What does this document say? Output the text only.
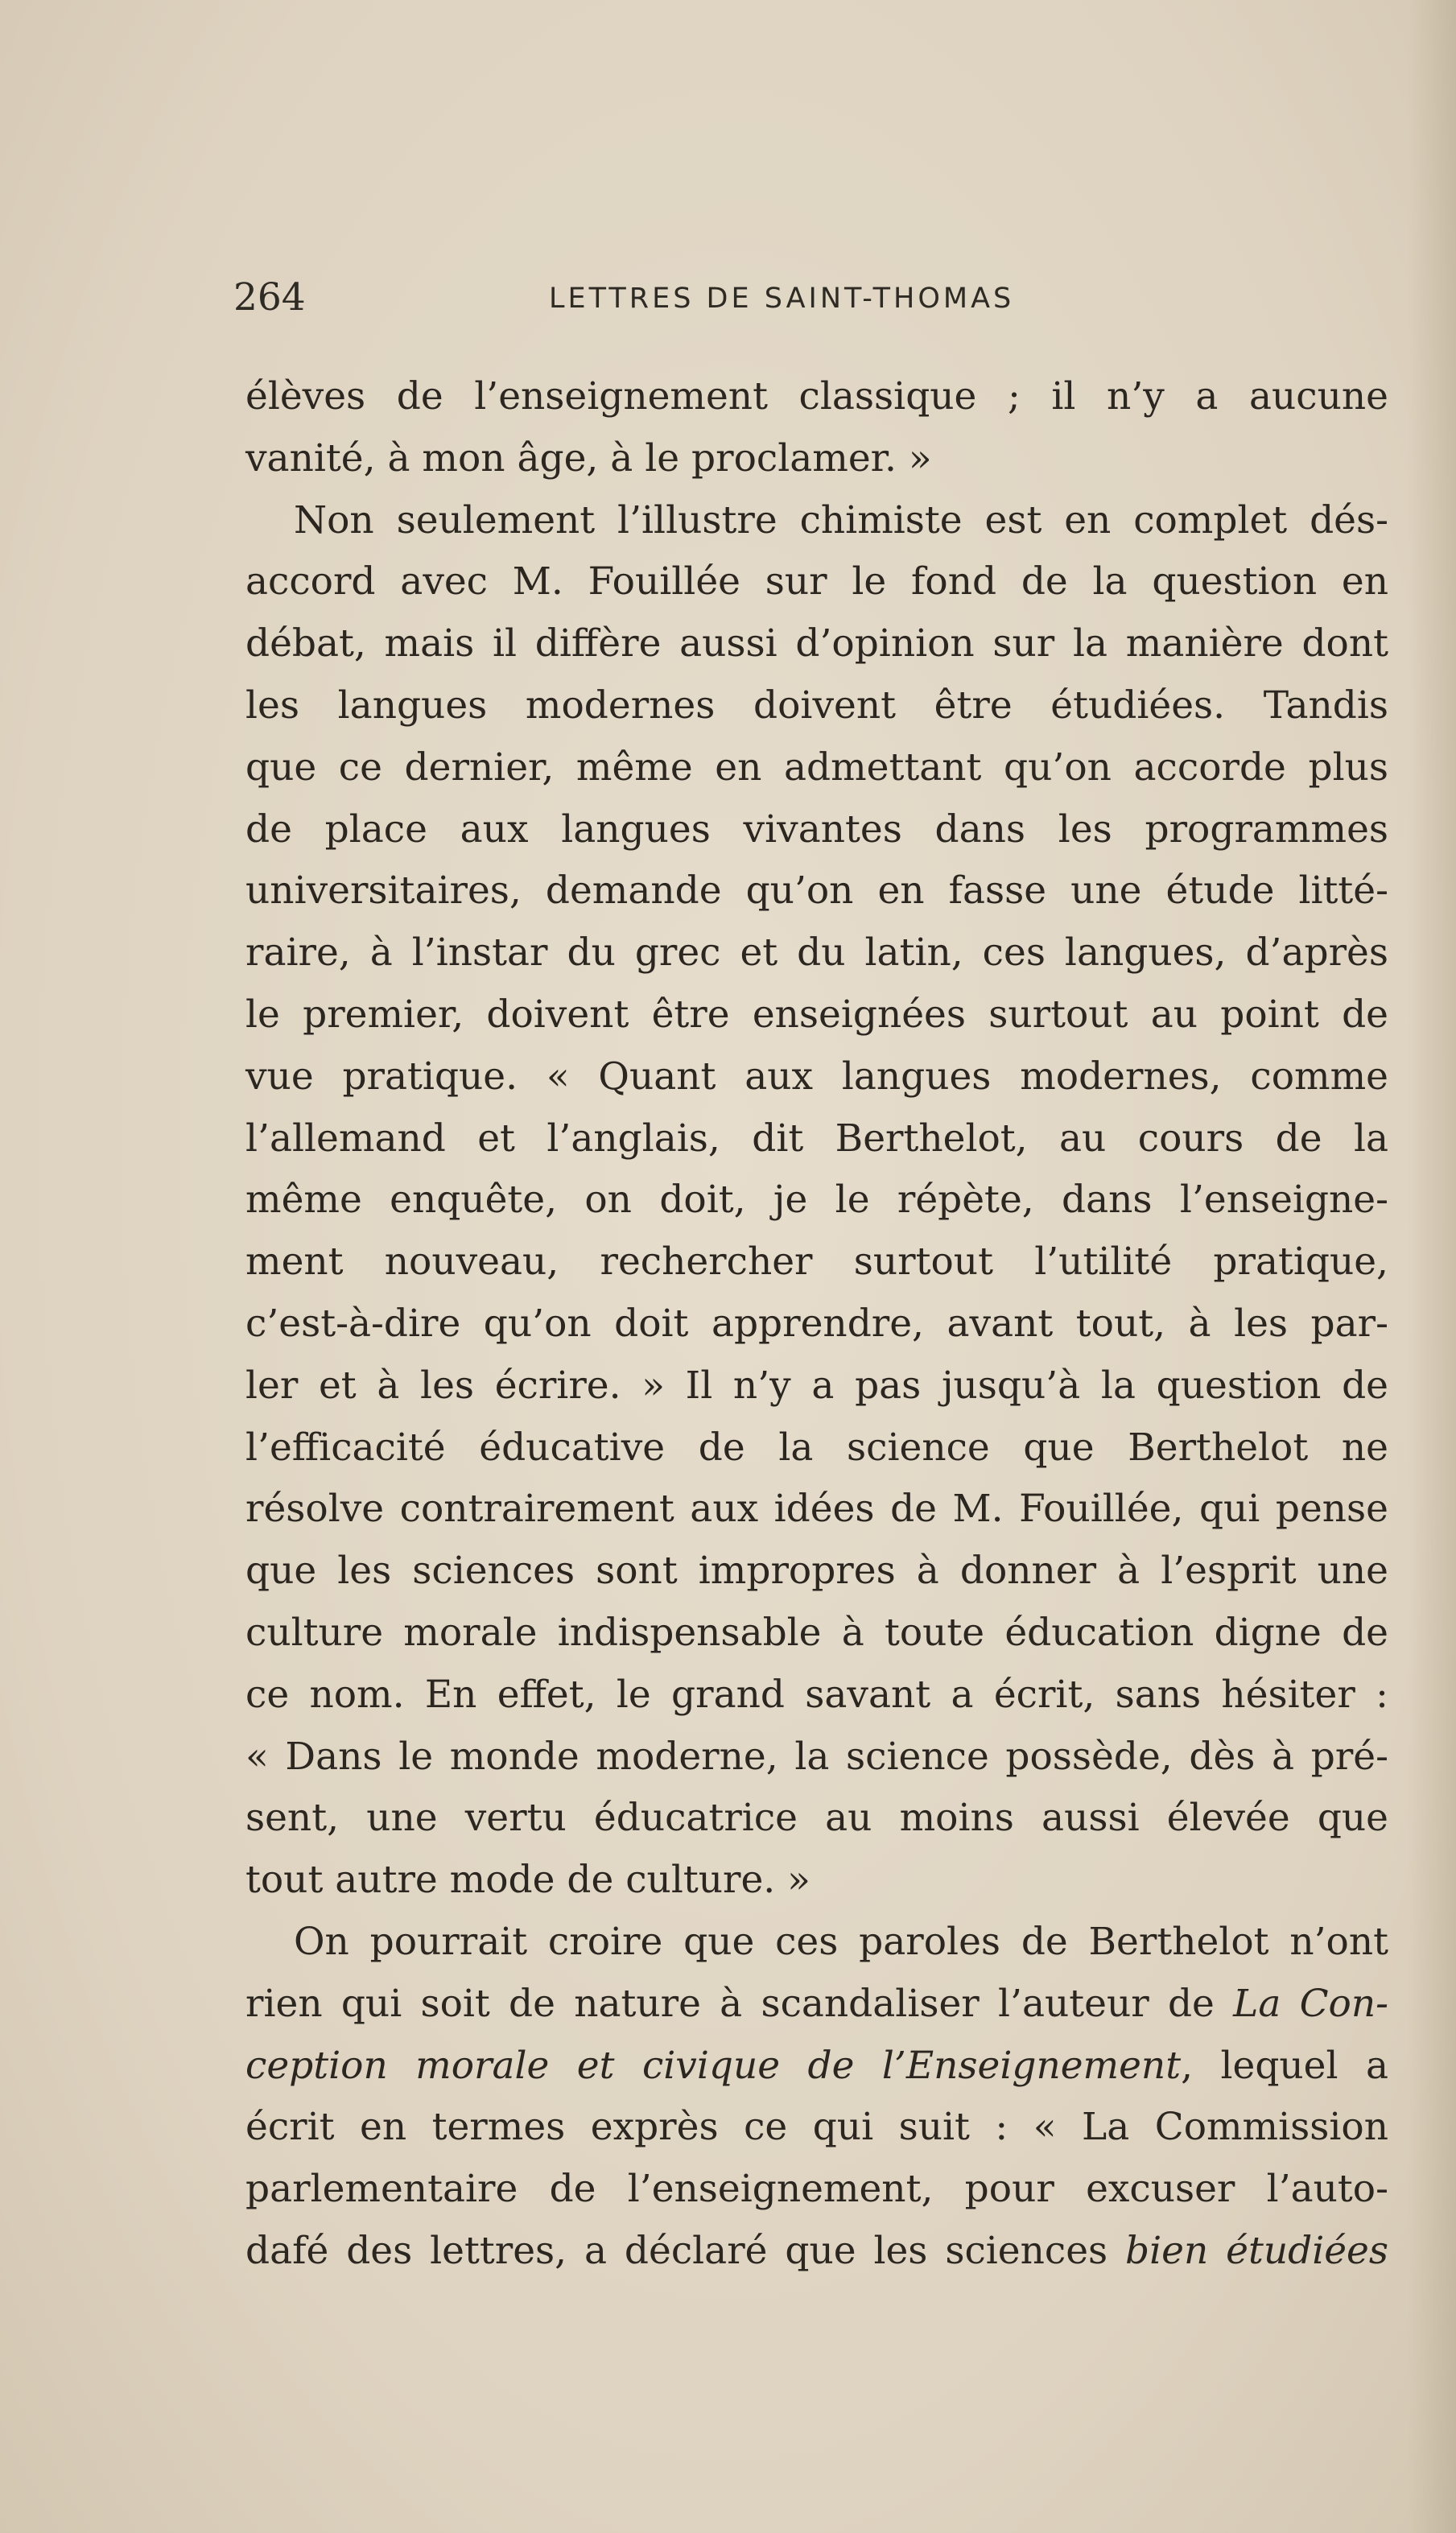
264	LETTRES DE SAINT-THOMAS
élèves de l’enseignement classique ; il n’y a aucune
vanité, à mon âge, à le proclamer. »
Non seulement l’illustre chimiste est en complet dés-
accord avec M. Fouillée sur le fond de la question en
débat, mais il diffère aussi d’opinion sur la manière dont
les langues modernes doivent être étudiées. Tandis
que ce dernier, même en admettant qu’on accorde plus
de place aux langues vivantes dans les programmes
universitaires, demande qu’on en fasse une étude litté-
raire, à l’instar du grec et du latin, ces langues, d’après
le premier, doivent être enseignées surtout au point de
vue pratique. « Quant aux langues modernes, comme
l’allemand et l’anglais, dit Berthelot, au cours de la
même enquête, on doit, je le répète, dans l’enseigne-
ment nouveau, rechercher surtout l’utilité pratique,
c’est-à-dire qu’on doit apprendre, avant tout, à les par-
ler et à les écrire. » Il n’y a pas jusqu’à la question de
l’efficacité éducative de la science que Berthelot ne
résolve contrairement aux idées de M. Fouillée, qui pense
que les sciences sont impropres à donner à l’esprit une
culture morale indispensable à toute éducation digne de
ce nom. En effet, le grand savant a écrit, sans hésiter :
« Dans le monde moderne, la science possède, dès à pré-
sent, une vertu éducatrice au moins aussi élevée que
tout autre mode de culture. »
On pourrait croire que ces paroles de Berthelot n’ont
rien qui soit de nature à scandaliser l’auteur de La Con-
ception morale et civique de l’Enseignement, lequel a
écrit en termes exprès ce qui suit : « La Commission
parlementaire de l’enseignement, pour excuser l’auto-
dafé des lettres, a déclaré que les sciences bien étudiées
